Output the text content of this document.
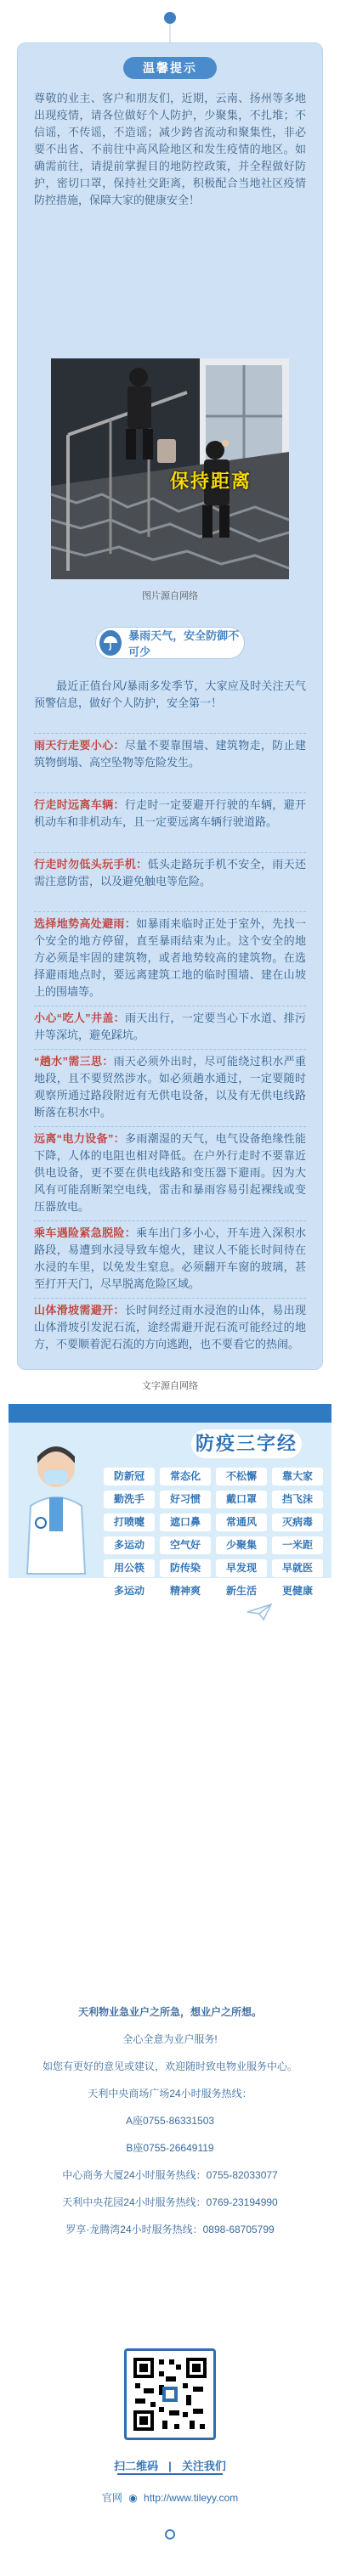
温馨提示

尊敬的业主、客户和朋友们，近期，云南、扬州等多地出现疫情，请各位做好个人防护，少聚集，不扎堆；不信谣，不传谣，不造谣；减少跨省流动和聚集性，非必要不出省、不前往中高风险地区和发生疫情的地区。如确需前往，请提前掌握目的地防控政策，并全程做好防护，密切口罩，保持社交距离，积极配合当地社区疫情防控措施，保障大家的健康安全！

保持距离
图片源自网络
暴雨天气，安全防御不可少

最近正值台风/暴雨多发季节，大家应及时关注天气预警信息，做好个人防护，安全第一！

雨天行走要小心：尽量不要靠围墙、建筑物走，防止建筑物倒塌、高空坠物等危险发生。

行走时远离车辆：行走时一定要避开行驶的车辆，避开机动车和非机动车，且一定要远离车辆行驶道路。

行走时勿低头玩手机：低头走路玩手机不安全，雨天还需注意防雷，以及避免触电等危险。

选择地势高处避雨：如暴雨来临时正处于室外，先找一个安全的地方停留，直至暴雨结束为止。这个安全的地方必须是牢固的建筑物，或者地势较高的建筑物。在选择避雨地点时，要远离建筑工地的临时围墙、建在山坡上的围墙等。

防疫三字经
防新冠	常态化	不松懈	靠大家
勤洗手	好习惯	戴口罩	挡飞沫
打喷嚏	遮口鼻	常通风	灭病毒
多运动	空气好	少聚集	一米距
用公筷	防传染	早发现	早就医
多运动	精神爽	新生活	更健康
天利物业急业户之所急，想业户之所想。
全心全意为业户服务!
如您有更好的意见或建议，欢迎随时致电物业服务中心。
天利中央商场广场24小时服务热线：
A座0755-86331503
B座0755-26649119
中心商务大厦24小时服务热线：0755-82033077
天利中央花园24小时服务热线：0769-23194990
罗享·龙腾湾24小时服务热线：0898-68705799
扫二维码 | 关注我们
官网 ◉ http://www.tileyy.com

小心“吃人”井盖：雨天出行，一定要当心下水道、排污井等深坑，避免踩坑。

“趟水”需三思：雨天必须外出时，尽可能绕过积水严重地段，且不要贸然涉水。如必须趟水通过，一定要随时观察所通过路段附近有无供电设备，以及有无供电线路断落在积水中。

远离“电力设备”：多雨潮湿的天气，电气设备绝缘性能下降，人体的电阻也相对降低。在户外行走时不要靠近供电设备，更不要在供电线路和变压器下避雨。因为大风有可能刮断架空电线，雷击和暴雨容易引起裸线或变压器放电。

乘车遇险紧急脱险：乘车出门多小心，开车进入深积水路段，易遭到水浸导致车熄火，建议人不能长时间待在水浸的车里，以免发生窒息。必须翻开车窗的玻璃，甚至打开天门，尽早脱离危险区域。

山体滑坡需避开：长时间经过雨水浸泡的山体，易出现山体滑坡引发泥石流，途经需避开泥石流可能经过的地方，不要顺着泥石流的方向逃跑，也不要看它的热闹。

文字源自网络
